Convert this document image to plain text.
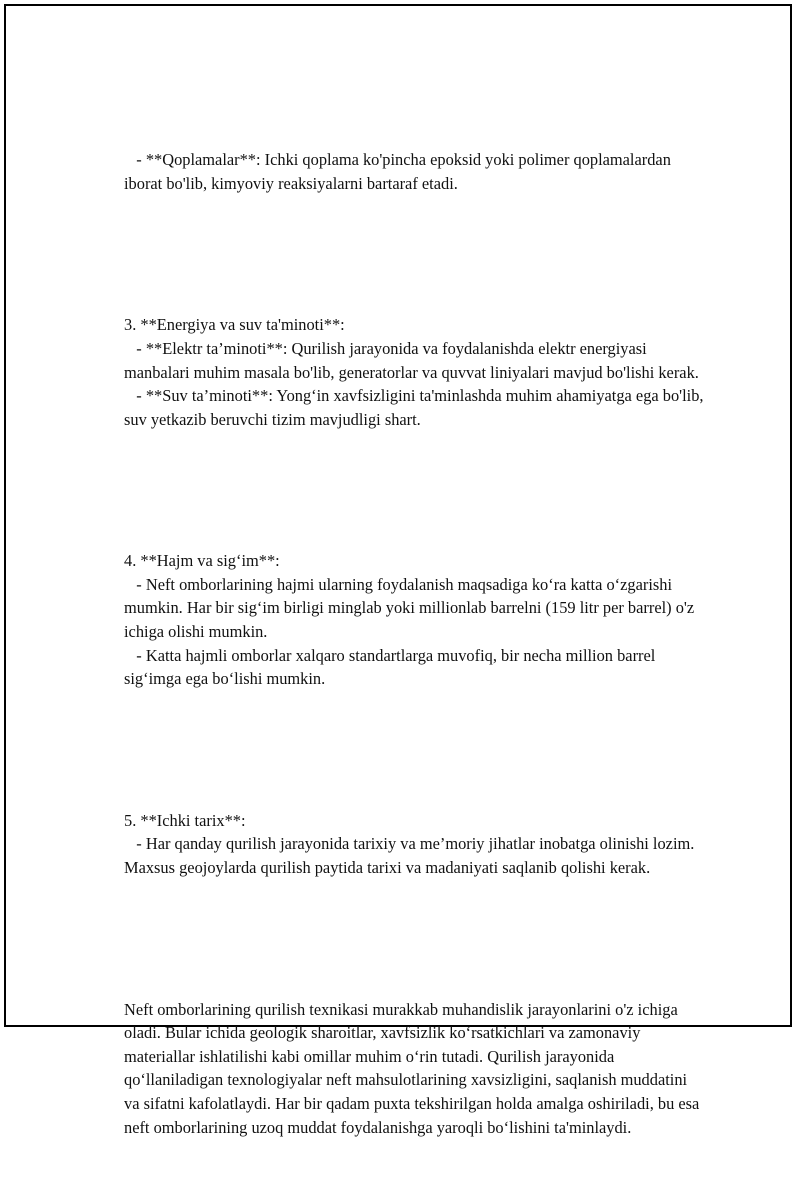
- **Qoplamalar**: Ichki qoplama ko'pincha epoksid yoki polimer qoplamalardan iborat bo'lib, kimyoviy reaksiyalarni bartaraf etadi.

3. **Energiya va suv ta'minoti**:
- **Elektr ta’minoti**: Qurilish jarayonida va foydalanishda elektr energiyasi manbalari muhim masala bo'lib, generatorlar va quvvat liniyalari mavjud bo'lishi kerak.
- **Suv ta’minoti**: Yong‘in xavfsizligini ta'minlashda muhim ahamiyatga ega bo'lib, suv yetkazib beruvchi tizim mavjudligi shart.

4. **Hajm va sig‘im**:
- Neft omborlarining hajmi ularning foydalanish maqsadiga ko‘ra katta o‘zgarishi mumkin. Har bir sig‘im birligi minglab yoki millionlab barrelni (159 litr per barrel) o'z ichiga olishi mumkin.
- Katta hajmli omborlar xalqaro standartlarga muvofiq, bir necha million barrel sig‘imga ega bo‘lishi mumkin.

5. **Ichki tarix**:
- Har qanday qurilish jarayonida tarixiy va me’moriy jihatlar inobatga olinishi lozim. Maxsus geojoylarda qurilish paytida tarixi va madaniyati saqlanib qolishi kerak.

Neft omborlarining qurilish texnikasi murakkab muhandislik jarayonlarini o'z ichiga oladi. Bular ichida geologik sharoitlar, xavfsizlik ko‘rsatkichlari va zamonaviy materiallar ishlatilishi kabi omillar muhim o‘rin tutadi. Qurilish jarayonida qo‘llaniladigan texnologiyalar neft mahsulotlarining xavsizligini, saqlanish muddatini va sifatni kafolatlaydi. Har bir qadam puxta tekshirilgan holda amalga oshiriladi, bu esa neft omborlarining uzoq muddat foydalanishga yaroqli bo‘lishini ta'minlaydi.
